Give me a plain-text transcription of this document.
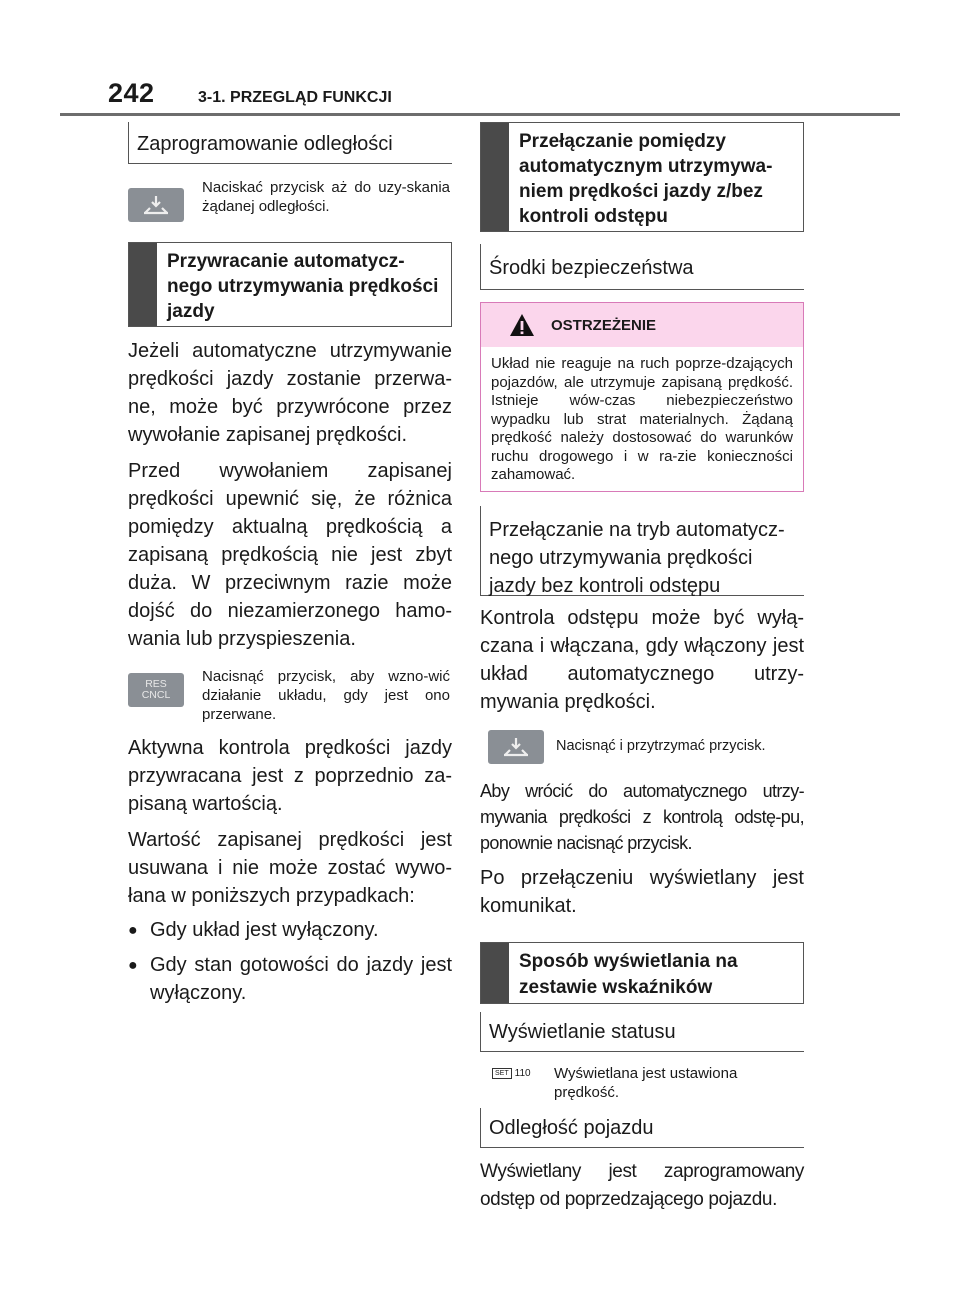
242	3-1. PRZEGLĄD FUNKCJI
Zaprogramowanie odległości
Naciskać przycisk aż do uzy-skania żądanej odległości.
Przywracanie automatycz-nego utrzymywania prędkości jazdy

Jeżeli automatyczne utrzymywanie prędkości jazdy zostanie przerwa-ne, może być przywrócone przez wywołanie zapisanej prędkości.

Przed wywołaniem zapisanej prędkości upewnić się, że różnica pomiędzy aktualną prędkością a zapisaną prędkością nie jest zbyt duża. W przeciwnym razie może dojść do niezamierzonego hamo-wania lub przyspieszenia.

RES
CNCL
Nacisnąć przycisk, aby wzno-wić działanie układu, gdy jest ono przerwane.

Aktywna kontrola prędkości jazdy przywracana jest z poprzednio za-pisaną wartością.

Wartość zapisanej prędkości jest usuwana i nie może zostać wywo-łana w poniższych przypadkach:

● Gdy układ jest wyłączony.
● Gdy stan gotowości do jazdy jest wyłączony.
Przełączanie pomiędzy automatycznym utrzymywa-niem prędkości jazdy z/bez kontroli odstępu
Środki bezpieczeństwa
OSTRZEŻENIE
Układ nie reaguje na ruch poprze-dzających pojazdów, ale utrzymuje zapisaną prędkość. Istnieje wów-czas niebezpieczeństwo wypadku lub strat materialnych. Żądaną prędkość należy dostosować do warunków ruchu drogowego i w ra-zie konieczności zahamować.
Przełączanie na tryb automatycz-nego utrzymywania prędkości jazdy bez kontroli odstępu

Kontrola odstępu może być wyłą-czana i włączana, gdy włączony jest układ automatycznego utrzy-mywania prędkości.

Nacisnąć i przytrzymać przycisk.

Aby wrócić do automatycznego utrzy-mywania prędkości z kontrolą odstę-pu, ponownie nacisnąć przycisk.

Po przełączeniu wyświetlany jest komunikat.

Sposób wyświetlania na zestawie wskaźników
Wyświetlanie statusu
SET 110 Wyświetlana jest ustawiona prędkość.
Odległość pojazdu

Wyświetlany jest zaprogramowany odstęp od poprzedzającego pojazdu.
